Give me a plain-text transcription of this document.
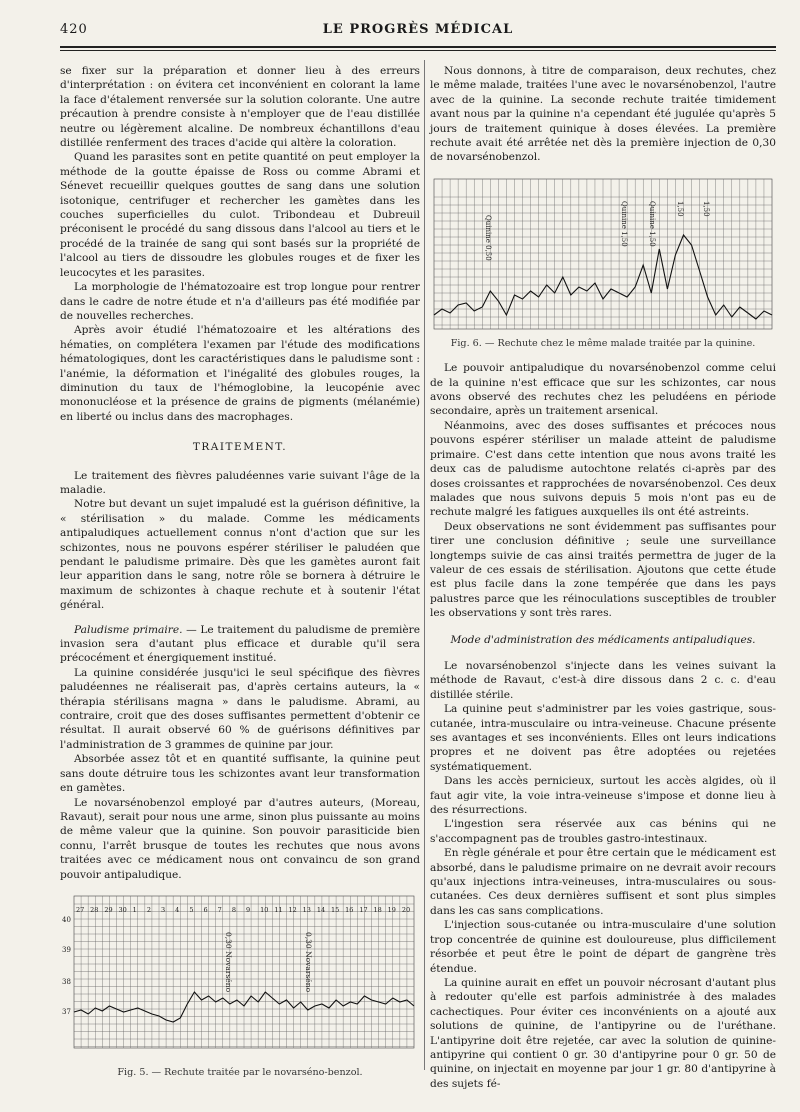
420	LE PROGRÈS MÉDICAL

se fixer sur la préparation et donner lieu à des erreurs d'interprétation : on évitera cet inconvénient en colorant la lame la face d'étalement renversée sur la solution colorante. Une autre précaution à prendre consiste à n'employer que de l'eau distillée neutre ou légèrement alcaline. De nombreux échantillons d'eau distillée renferment des traces d'acide qui altère la coloration.

Quand les parasites sont en petite quantité on peut employer la méthode de la goutte épaisse de Ross ou comme Abrami et Sénevet recueillir quelques gouttes de sang dans une solution isotonique, centrifuger et rechercher les gamètes dans les couches superficielles du culot. Tribondeau et Dubreuil préconisent le procédé du sang dissous dans l'alcool au tiers et le procédé de la trainée de sang qui sont basés sur la propriété de l'alcool au tiers de dissoudre les globules rouges et de fixer les leucocytes et les parasites.

La morphologie de l'hématozoaire est trop longue pour rentrer dans le cadre de notre étude et n'a d'ailleurs pas été modifiée par de nouvelles recherches.

Après avoir étudié l'hématozoaire et les altérations des hématies, on complétera l'examen par l'étude des modifications hématologiques, dont les caractéristiques dans le paludisme sont : l'anémie, la déformation et l'inégalité des globules rouges, la diminution du taux de l'hémoglobine, la leucopénie avec mononucléose et la présence de grains de pigments (mélanémie) en liberté ou inclus dans des macrophages.

TRAITEMENT.

Le traitement des fièvres paludéennes varie suivant l'âge de la maladie.

Notre but devant un sujet impaludé est la guérison définitive, la « stérilisation » du malade. Comme les médicaments antipaludiques actuellement connus n'ont d'action que sur les schizontes, nous ne pouvons espérer stériliser le paludéen que pendant le paludisme primaire. Dès que les gamètes auront fait leur apparition dans le sang, notre rôle se bornera à détruire le maximum de schizontes à chaque rechute et à soutenir l'état général.

Paludisme primaire. — Le traitement du paludisme de première invasion sera d'autant plus efficace et durable qu'il sera précocément et énergiquement institué.

La quinine considérée jusqu'ici le seul spécifique des fièvres paludéennes ne réaliserait pas, d'après certains auteurs, la « thérapia stérilisans magna » dans le paludisme. Abrami, au contraire, croit que des doses suffisantes permettent d'obtenir ce résultat. Il aurait observé 60 % de guérisons définitives par l'administration de 3 grammes de quinine par jour.

Absorbée assez tôt et en quantité suffisante, la quinine peut sans doute détruire tous les schizontes avant leur transformation en gamètes.

Le novarsénobenzol employé par d'autres auteurs, (Moreau, Ravaut), serait pour nous une arme, sinon plus puissante au moins de même valeur que la quinine. Son pouvoir parasiticide bien connu, l'arrêt brusque de toutes les rechutes que nous avons traitées avec ce médicament nous ont convaincu de son grand pouvoir antipaludique.

27 28 29 30 1 2 3 4 5 6 7 8 9 10 11 12 13 14 15 16 17 18 19 20
40
39
38
37
0,30 Novarséno	0,30 Novarséno
Fig. 5. — Rechute traitée par le novarséno-benzol.

Nous donnons, à titre de comparaison, deux rechutes, chez le même malade, traitées l'une avec le novarsénobenzol, l'autre avec de la quinine. La seconde rechute traitée timidement avant nous par la quinine n'a cependant été jugulée qu'après 5 jours de traitement quinique à doses élevées. La première rechute avait été arrêtée net dès la première injection de 0,30 de novarsénobenzol.

Quinine 0,50	Quinine 1,50	Quinine 1,50	1,50	1,50
Fig. 6. — Rechute chez le même malade traitée par la quinine.

Le pouvoir antipaludique du novarsénobenzol comme celui de la quinine n'est efficace que sur les schizontes, car nous avons observé des rechutes chez les peludéens en période secondaire, après un traitement arsenical.

Néanmoins, avec des doses suffisantes et précoces nous pouvons espérer stériliser un malade atteint de paludisme primaire. C'est dans cette intention que nous avons traité les deux cas de paludisme autochtone relatés ci-après par des doses croissantes et rapprochées de novarsénobenzol. Ces deux malades que nous suivons depuis 5 mois n'ont pas eu de rechute malgré les fatigues auxquelles ils ont été astreints.

Deux observations ne sont évidemment pas suffisantes pour tirer une conclusion définitive ; seule une surveillance longtemps suivie de cas ainsi traités permettra de juger de la valeur de ces essais de stérilisation. Ajoutons que cette étude est plus facile dans la zone tempérée que dans les pays palustres parce que les réinoculations susceptibles de troubler les observations y sont très rares.

Mode d'administration des médicaments antipaludiques.

Le novarsénobenzol s'injecte dans les veines suivant la méthode de Ravaut, c'est-à dire dissous dans 2 c. c. d'eau distillée stérile.

La quinine peut s'administrer par les voies gastrique, sous-cutanée, intra-musculaire ou intra-veineuse. Chacune présente ses avantages et ses inconvénients. Elles ont leurs indications propres et ne doivent pas être adoptées ou rejetées systématiquement.

Dans les accès pernicieux, surtout les accès algides, où il faut agir vite, la voie intra-veineuse s'impose et donne lieu à des résurrections.

L'ingestion sera réservée aux cas bénins qui ne s'accompagnent pas de troubles gastro-intestinaux.

En règle générale et pour être certain que le médicament est absorbé, dans le paludisme primaire on ne devrait avoir recours qu'aux injections intra-veineuses, intra-musculaires ou sous-cutanées. Ces deux dernières suffisent et sont plus simples dans les cas sans complications.

L'injection sous-cutanée ou intra-musculaire d'une solution trop concentrée de quinine est douloureuse, plus difficilement résorbée et peut être le point de départ de gangrène très étendue.

La quinine aurait en effet un pouvoir nécrosant d'autant plus à redouter qu'elle est parfois administrée à des malades cachectiques. Pour éviter ces inconvénients on a ajouté aux solutions de quinine, de l'antipyrine ou de l'uréthane. L'antipyrine doit être rejetée, car avec la solution de quinine-antipyrine qui contient 0 gr. 30 d'antipyrine pour 0 gr. 50 de quinine, on injectait en moyenne par jour 1 gr. 80 d'antipyrine à des sujets fé-
